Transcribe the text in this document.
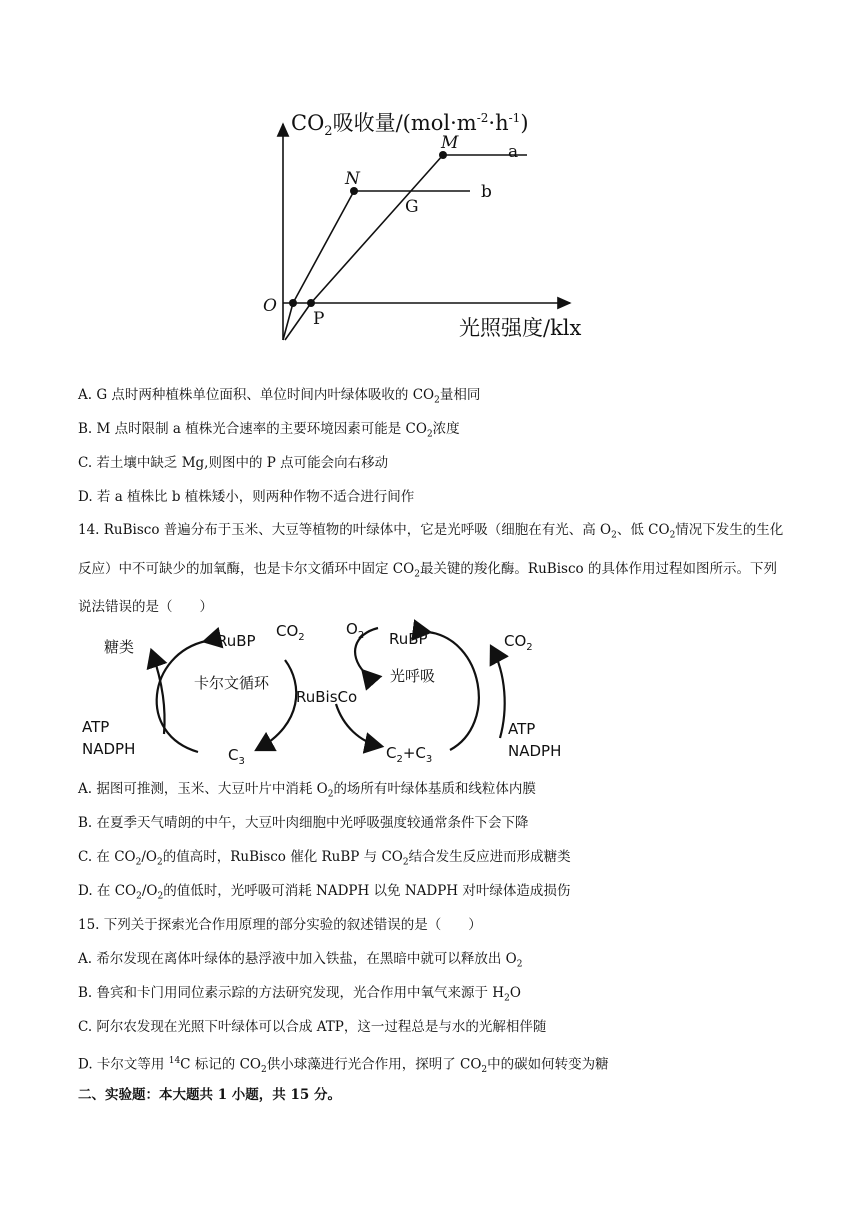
$CO_2$吸收量$/(mol\cdot m^{-2}\cdot h^{-1})$
光照强度/klx
O
P
N
M
G
a
b
A. G 点时两种植株单位面积、单位时间内叶绿体吸收的 $CO_2$量相同
B. M 点时限制 a 植株光合速率的主要环境因素可能是 $CO_2$浓度
C. 若土壤中缺乏 Mg,则图中的 P 点可能会向右移动
D. 若 a 植株比 b 植株矮小，则两种作物不适合进行间作
14. RuBisco 普遍分布于玉米、大豆等植物的叶绿体中，它是光呼吸（细胞在有光、高 $O_2$、低 $CO_2$情况下发生的生化反应）中不可缺少的加氧酶，也是卡尔文循环中固定 $CO_2$最关键的羧化酶。RuBisco 的具体作用过程如图所示。下列说法错误的是（　　）
糖类	RuBP
$CO_2$
卡尔文循环
RuBisCo
ATP
NADPH	$C_3$
$O_2$ RuBP
光呼吸
$C_2+C_3$
$CO_2$
ATP
NADPH
A. 据图可推测，玉米、大豆叶片中消耗 $O_2$的场所有叶绿体基质和线粒体内膜
B. 在夏季天气晴朗的中午，大豆叶肉细胞中光呼吸强度较通常条件下会下降
C. 在 $CO_2/O_2$的值高时，RuBisco 催化 RuBP 与 $CO_2$结合发生反应进而形成糖类
D. 在 $CO_2/O_2$的值低时，光呼吸可消耗 NADPH 以免 NADPH 对叶绿体造成损伤
15. 下列关于探索光合作用原理的部分实验的叙述错误的是（　　）
A. 希尔发现在离体叶绿体的悬浮液中加入铁盐，在黑暗中就可以释放出 $O_2$
B. 鲁宾和卡门用同位素示踪的方法研究发现，光合作用中氧气来源于 $H_2O$
C. 阿尔农发现在光照下叶绿体可以合成 ATP，这一过程总是与水的光解相伴随
D. 卡尔文等用 $^{14}$C 标记的 $CO_2$供小球藻进行光合作用，探明了 $CO_2$中的碳如何转变为糖
二、实验题：本大题共 1 小题，共 15 分。
